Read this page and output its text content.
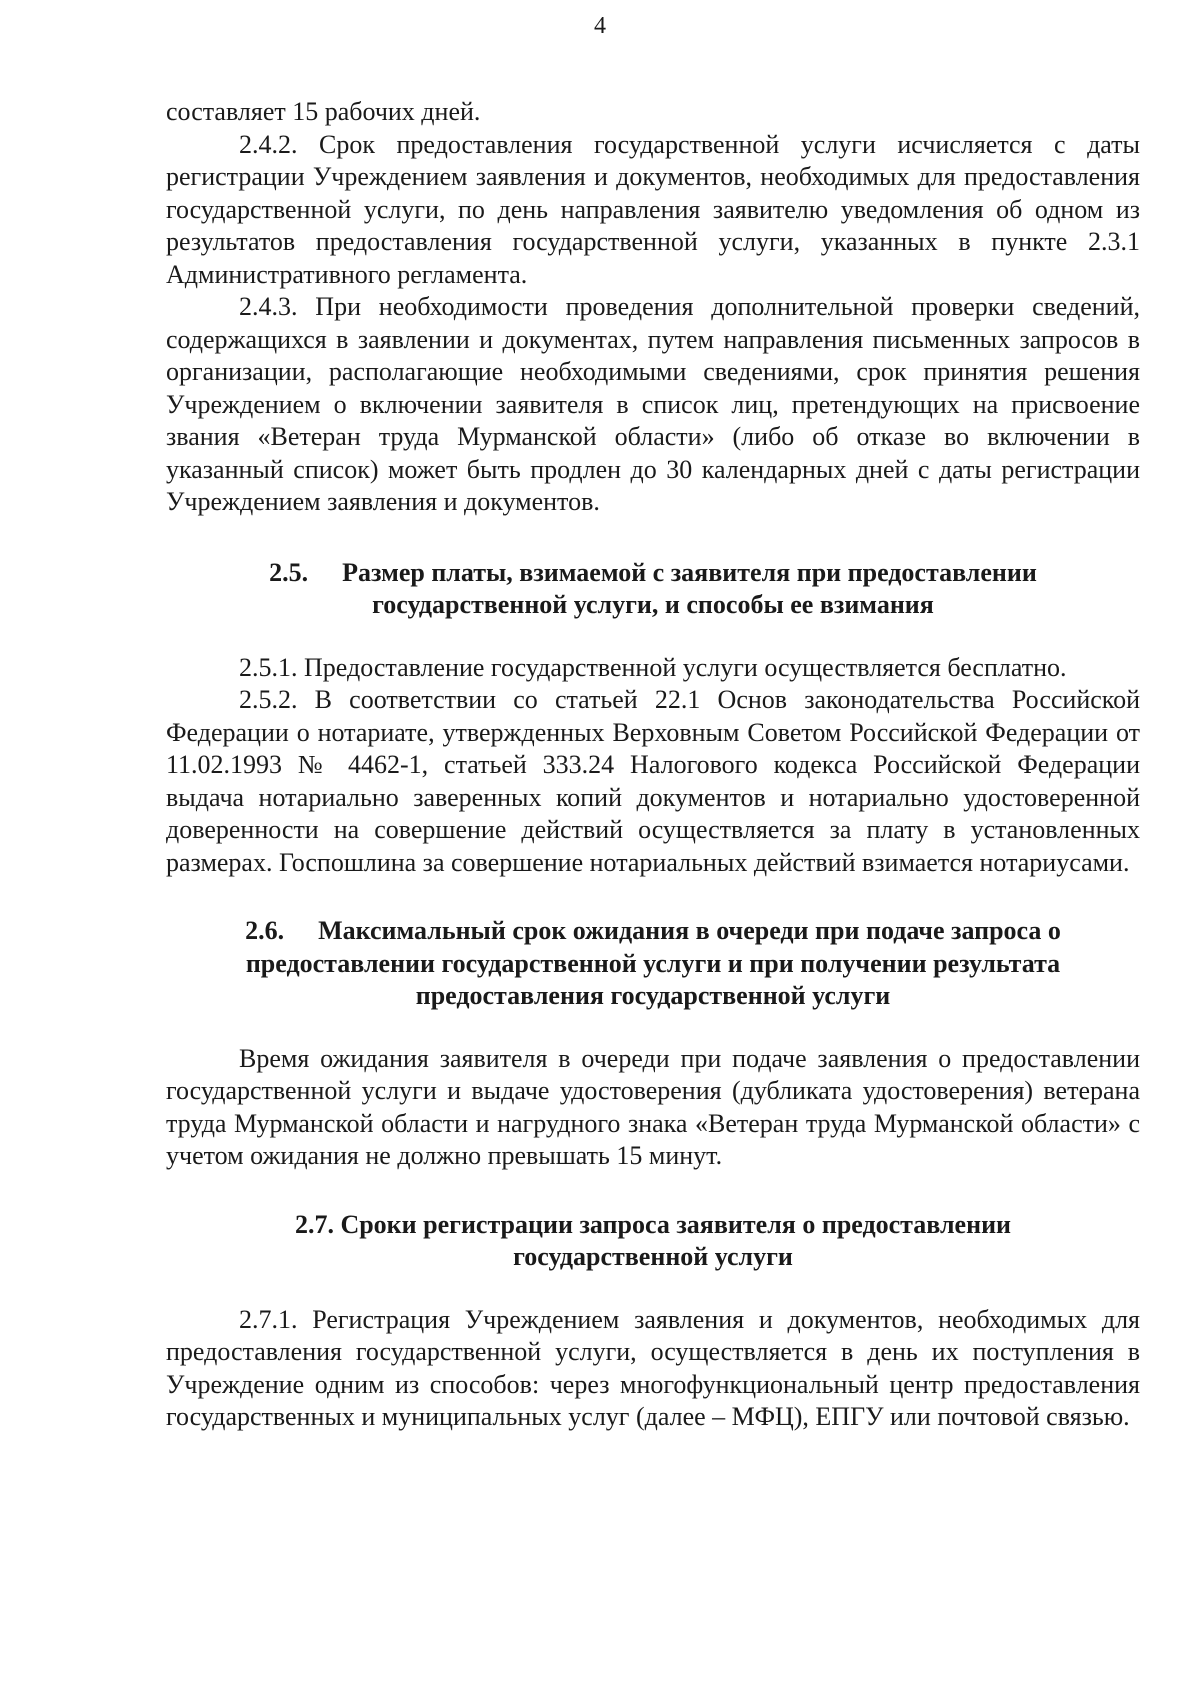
4

составляет 15 рабочих дней.

2.4.2. Срок предоставления государственной услуги исчисляется с даты регистрации Учреждением заявления и документов, необходимых для предоставления государственной услуги, по день направления заявителю уведомления об одном из результатов предоставления государственной услуги, указанных в пункте 2.3.1 Административного регламента.

2.4.3. При необходимости проведения дополнительной проверки сведений, содержащихся в заявлении и документах, путем направления письменных запросов в организации, располагающие необходимыми сведениями, срок принятия решения Учреждением о включении заявителя в список лиц, претендующих на присвоение звания «Ветеран труда Мурманской области» (либо об отказе во включении в указанный список) может быть продлен до 30 календарных дней с даты регистрации Учреждением заявления и документов.

2.5. Размер платы, взимаемой с заявителя при предоставлении
государственной услуги, и способы ее взимания

2.5.1. Предоставление государственной услуги осуществляется бесплатно.

2.5.2. В соответствии со статьей 22.1 Основ законодательства Российской Федерации о нотариате, утвержденных Верховным Советом Российской Федерации от 11.02.1993 № 4462-1, статьей 333.24 Налогового кодекса Российской Федерации выдача нотариально заверенных копий документов и нотариально удостоверенной доверенности на совершение действий осуществляется за плату в установленных размерах. Госпошлина за совершение нотариальных действий взимается нотариусами.

2.6. Максимальный срок ожидания в очереди при подаче запроса о
предоставлении государственной услуги и при получении результата
предоставления государственной услуги

Время ожидания заявителя в очереди при подаче заявления о предоставлении государственной услуги и выдаче удостоверения (дубликата удостоверения) ветерана труда Мурманской области и нагрудного знака «Ветеран труда Мурманской области» с учетом ожидания не должно превышать 15 минут.

2.7. Сроки регистрации запроса заявителя о предоставлении
государственной услуги

2.7.1. Регистрация Учреждением заявления и документов, необходимых для предоставления государственной услуги, осуществляется в день их поступления в Учреждение одним из способов: через многофункциональный центр предоставления государственных и муниципальных услуг (далее – МФЦ), ЕПГУ или почтовой связью.
